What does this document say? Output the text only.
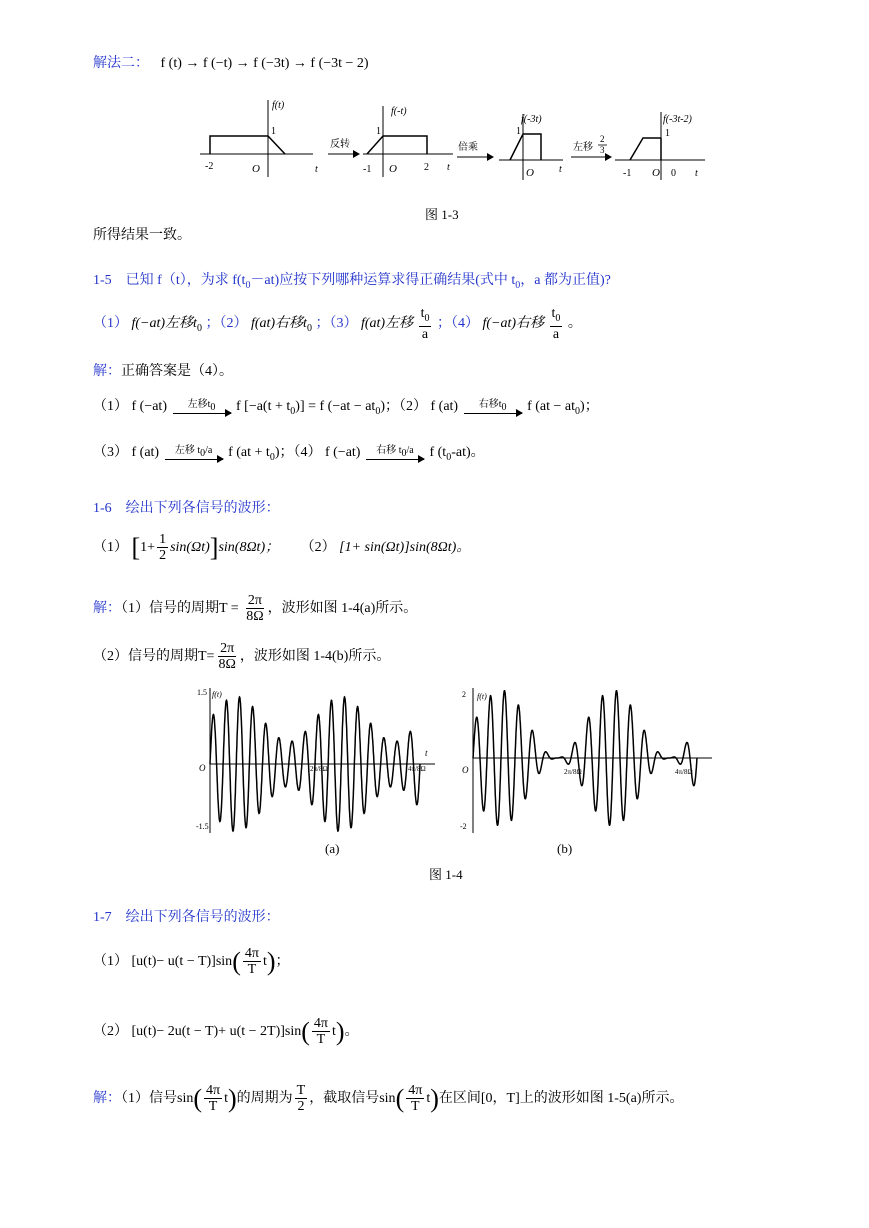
解法二： f (t) → f (−t) → f (−3t) → f (−3t − 2)
f(t)
1
-2	O	t
反转
f(-t)
1
-1 O	2 t
倍乘
f(-3t)
1
O	t
左移
2
3
f(-3t-2)
1
-1 O 0 t
图 1-3
所得结果一致。
1-5　已知 f（t），为求 $f(t_0-at)$应按下列哪种运算求得正确结果(式中 $t_0$，a 都为正值)?
（1） f(−at)左移$t_0$ ；（2） f(at)右移$t_0$ ；（3） f(at)左移 $\frac{t_0}{a}$ ；（4） f(−at)右移 $\frac{t_0}{a}$ 。
解：正确答案是（4）。
（1） f (−at) 左移$t_0$ f $[-a(t + t_0)] = f$ $(-at - at_0)$；（2） f (at) 右移$t_0$ f $(at - at_0)$；
（3） f (at) 左移 $t_0/a$ f $(at + t_0)$；（4） f (−at) 右移 $t_0/a$ f $(t_0-at)$。
1-6　绘出下列各信号的波形：
（1） $[1+ \frac{1}{2} \sin(\Omega t)]\sin(8\Omega t)$； （2） [1+ sin(Ωt)]sin(8Ωt)。
解：（1）信号的周期$T = \frac{2\pi}{8\Omega}$ ，波形如图 1-4(a)所示。
（2）信号的周期$T= \frac{2\pi}{8\Omega}$ ，波形如图 1-4(b)所示。
1.5 f(t)
O	2π/8Ω	4π/8Ω
t
-1.5
2 f(t)
O	2π/8Ω	4π/8Ω
-2
(a)	(b)
图 1-4
1-7　绘出下列各信号的波形：
（1） $[u(t)- u(t - T)]\sin( \frac{4\pi}{T} t)$；
（2） $[u(t)- 2u(t - T)+ u(t - 2T)]\sin( \frac{4\pi}{T} t)$。
解：（1）信号$\sin( \frac{4\pi}{T} t)$的周期为 $\frac{T}{2}$ ，截取信号$\sin( \frac{4\pi}{T} t)$在区间[0，T]上的波形如图 1-5(a)所示。
